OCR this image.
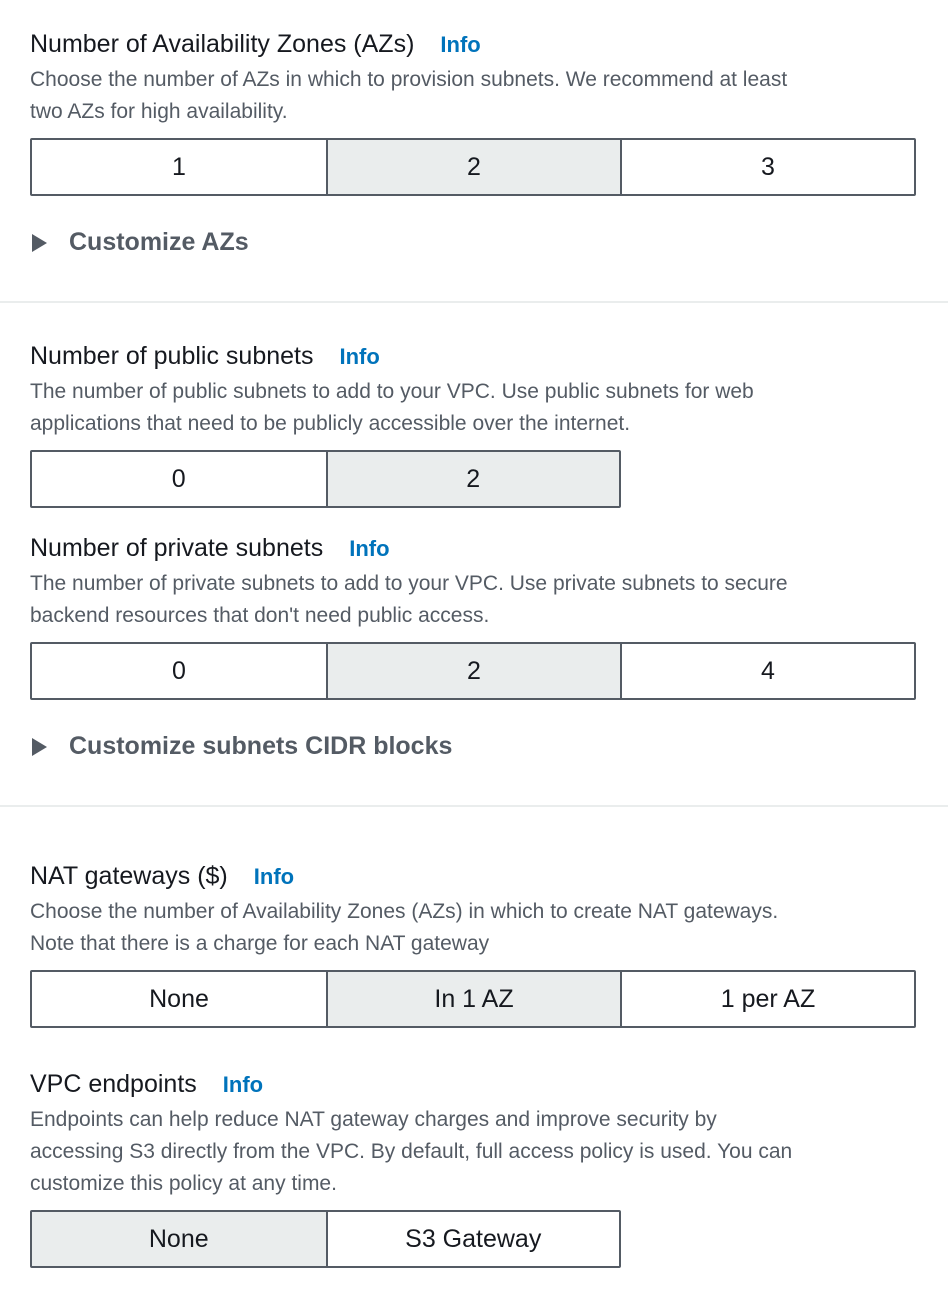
Number of Availability Zones (AZs) Info
Choose the number of AZs in which to provision subnets. We recommend at least
two AZs for high availability.
1	2	3
Customize AZs
Number of public subnets Info
The number of public subnets to add to your VPC. Use public subnets for web
applications that need to be publicly accessible over the internet.
0	2
Number of private subnets Info
The number of private subnets to add to your VPC. Use private subnets to secure
backend resources that don't need public access.
0	2	4
Customize subnets CIDR blocks
NAT gateways ($) Info
Choose the number of Availability Zones (AZs) in which to create NAT gateways.
Note that there is a charge for each NAT gateway
None	In 1 AZ	1 per AZ
VPC endpoints Info
Endpoints can help reduce NAT gateway charges and improve security by
accessing S3 directly from the VPC. By default, full access policy is used. You can
customize this policy at any time.
None	S3 Gateway
